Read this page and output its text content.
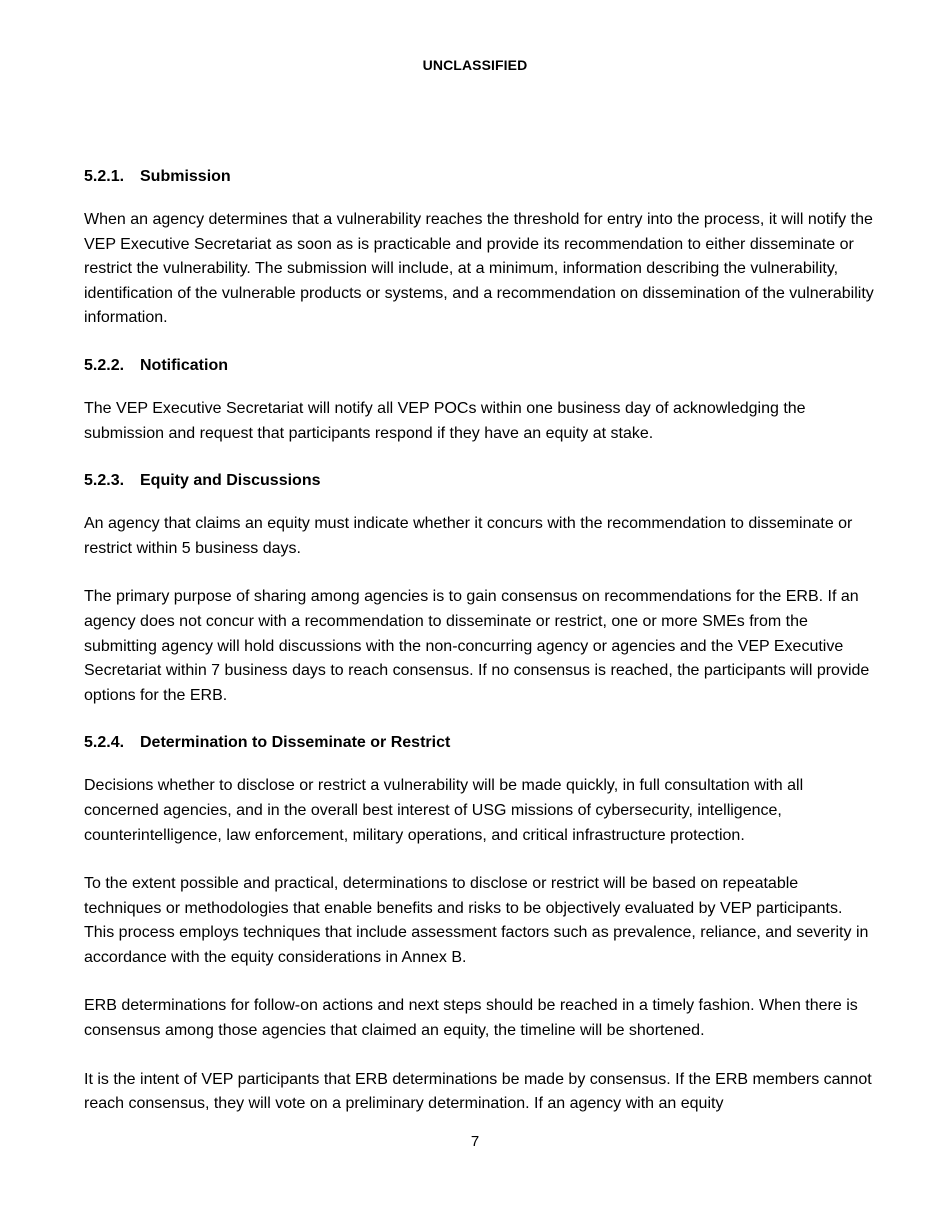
UNCLASSIFIED
5.2.1. Submission
When an agency determines that a vulnerability reaches the threshold for entry into the process, it will notify the VEP Executive Secretariat as soon as is practicable and provide its recommendation to either disseminate or restrict the vulnerability. The submission will include, at a minimum, information describing the vulnerability, identification of the vulnerable products or systems, and a recommendation on dissemination of the vulnerability information.
5.2.2. Notification
The VEP Executive Secretariat will notify all VEP POCs within one business day of acknowledging the submission and request that participants respond if they have an equity at stake.
5.2.3. Equity and Discussions
An agency that claims an equity must indicate whether it concurs with the recommendation to disseminate or restrict within 5 business days.
The primary purpose of sharing among agencies is to gain consensus on recommendations for the ERB. If an agency does not concur with a recommendation to disseminate or restrict, one or more SMEs from the submitting agency will hold discussions with the non-concurring agency or agencies and the VEP Executive Secretariat within 7 business days to reach consensus. If no consensus is reached, the participants will provide options for the ERB.
5.2.4. Determination to Disseminate or Restrict
Decisions whether to disclose or restrict a vulnerability will be made quickly, in full consultation with all concerned agencies, and in the overall best interest of USG missions of cybersecurity, intelligence, counterintelligence, law enforcement, military operations, and critical infrastructure protection.
To the extent possible and practical, determinations to disclose or restrict will be based on repeatable techniques or methodologies that enable benefits and risks to be objectively evaluated by VEP participants. This process employs techniques that include assessment factors such as prevalence, reliance, and severity in accordance with the equity considerations in Annex B.
ERB determinations for follow-on actions and next steps should be reached in a timely fashion. When there is consensus among those agencies that claimed an equity, the timeline will be shortened.
It is the intent of VEP participants that ERB determinations be made by consensus. If the ERB members cannot reach consensus, they will vote on a preliminary determination. If an agency with an equity
7
